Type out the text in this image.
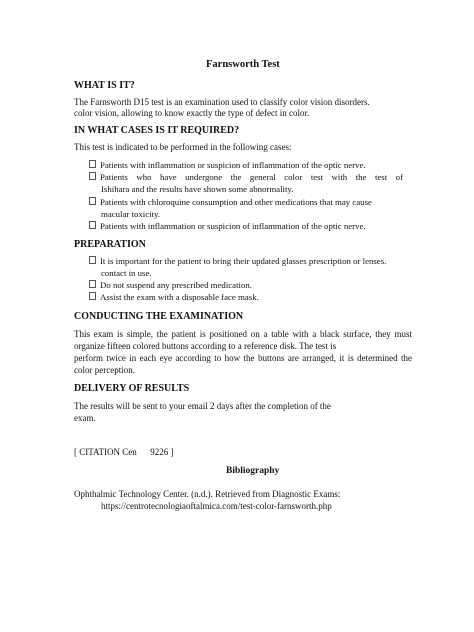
Farnsworth Test
WHAT IS IT?
The Farnsworth D15 test is an examination used to classify color vision disorders.
color vision, allowing to know exactly the type of defect in color.
IN WHAT CASES IS IT REQUIRED?
This test is indicated to be performed in the following cases:
Patients with inflammation or suspicion of inflammation of the optic nerve.
Patients who have undergone the general color test with the test of
Ishihara and the results have shown some abnormality.
Patients with chloroquine consumption and other medications that may cause
macular toxicity.
Patients with inflammation or suspicion of inflammation of the optic nerve.
PREPARATION
It is important for the patient to bring their updated glasses prescription or lenses.
contact in use.
Do not suspend any prescribed medication.
Assist the exam with a disposable face mask.
CONDUCTING THE EXAMINATION
This exam is simple, the patient is positioned on a table with a black surface, they must
organize fifteen colored buttons according to a reference disk. The test is
perform twice in each eye according to how the buttons are arranged, it is determined the
color perception.
DELIVERY OF RESULTS
The results will be sent to your email 2 days after the completion of the
exam.
[ CITATION Cen      9226 ]
Bibliography
Ophthalmic Technology Center. (n.d.). Retrieved from Diagnostic Exams:
https://centrotecnologiaoftalmica.com/test-color-farnsworth.php
